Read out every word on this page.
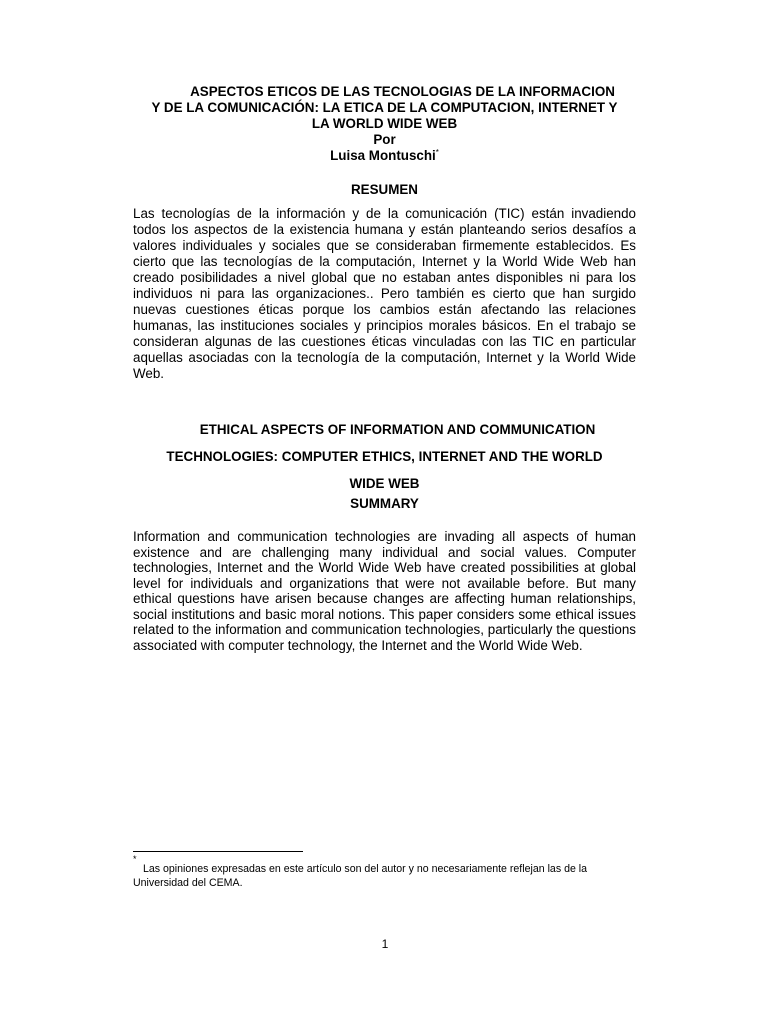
ASPECTOS ETICOS DE LAS TECNOLOGIAS DE LA INFORMACION
Y DE LA COMUNICACIÓN: LA ETICA DE LA COMPUTACION, INTERNET Y
LA WORLD WIDE WEB
Por
Luisa Montuschi*
RESUMEN
Las tecnologías de la información y de la comunicación (TIC) están invadiendo todos los aspectos de la existencia humana y están planteando serios desafíos a valores individuales y sociales que se consideraban firmemente establecidos. Es cierto que las tecnologías de la computación, Internet y la World Wide Web han creado posibilidades a nivel global que no estaban antes disponibles ni para los individuos ni para las organizaciones.. Pero también es cierto que han surgido nuevas cuestiones éticas porque los cambios están afectando las relaciones humanas, las instituciones sociales y principios morales básicos. En el trabajo se consideran algunas de las cuestiones éticas vinculadas con las TIC en particular aquellas asociadas con la tecnología de la computación, Internet y la World Wide Web.
ETHICAL ASPECTS OF INFORMATION AND COMMUNICATION
TECHNOLOGIES: COMPUTER ETHICS, INTERNET AND THE WORLD
WIDE WEB
SUMMARY
Information and communication technologies are invading all aspects of human existence and are challenging many individual and social values. Computer technologies, Internet and the World Wide Web have created possibilities at global level for individuals and organizations that were not available before. But many ethical questions have arisen because changes are affecting human relationships, social institutions and basic moral notions. This paper considers some ethical issues related to the information and communication technologies, particularly the questions associated with computer technology, the Internet and the World Wide Web.
*
Las opiniones expresadas en este artículo son del autor y no necesariamente reflejan las de la Universidad del CEMA.
1
